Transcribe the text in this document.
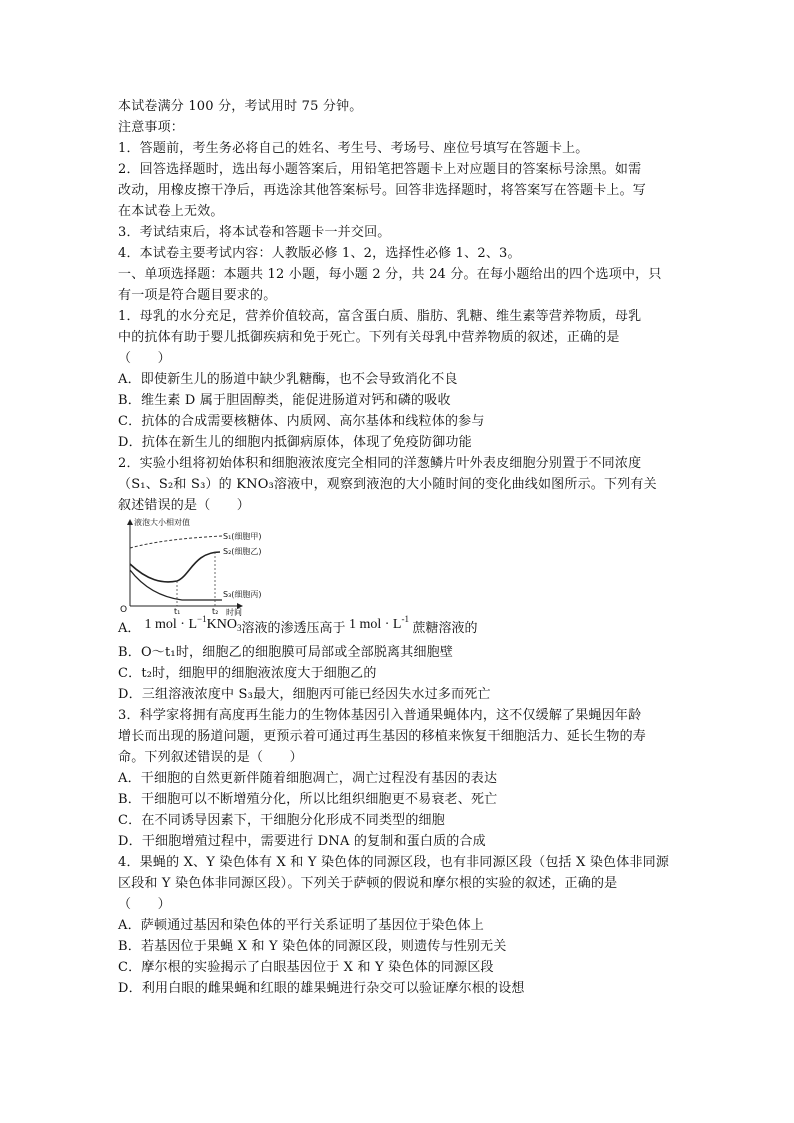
本试卷满分 100 分，考试用时 75 分钟。
注意事项：
1．答题前，考生务必将自己的姓名、考生号、考场号、座位号填写在答题卡上。
2．回答选择题时，选出每小题答案后，用铅笔把答题卡上对应题目的答案标号涂黑。如需
改动，用橡皮擦干净后，再选涂其他答案标号。回答非选择题时，将答案写在答题卡上。写
在本试卷上无效。
3．考试结束后，将本试卷和答题卡一并交回。
4．本试卷主要考试内容：人教版必修 1、2，选择性必修 1、2、3。
一、单项选择题：本题共 12 小题，每小题 2 分，共 24 分。在每小题给出的四个选项中，只
有一项是符合题目要求的。
1．母乳的水分充足，营养价值较高，富含蛋白质、脂肪、乳糖、维生素等营养物质，母乳
中的抗体有助于婴儿抵御疾病和免于死亡。下列有关母乳中营养物质的叙述，正确的是
（　　）
A．即使新生儿的肠道中缺少乳糖酶，也不会导致消化不良
B．维生素 D 属于胆固醇类，能促进肠道对钙和磷的吸收
C．抗体的合成需要核糖体、内质网、高尔基体和线粒体的参与
D．抗体在新生儿的细胞内抵御病原体，体现了免疫防御功能
2．实验小组将初始体积和细胞液浓度完全相同的洋葱鳞片叶外表皮细胞分别置于不同浓度
（S₁、S₂和 S₃）的 KNO₃溶液中，观察到液泡的大小随时间的变化曲线如图所示。下列有关
叙述错误的是（　　）
液泡大小相对值
S₁(细胞甲)
S₂(细胞乙)
S₃(细胞丙)
O	t₁	t₂ 时间
A． 1 mol · $L^{-1}KNO_3$溶液的渗透压高于 1 mol · $L^{-1}$ 蔗糖溶液的
B．O～t₁时，细胞乙的细胞膜可局部或全部脱离其细胞壁
C．t₂时，细胞甲的细胞液浓度大于细胞乙的
D．三组溶液浓度中 S₃最大，细胞丙可能已经因失水过多而死亡
3．科学家将拥有高度再生能力的生物体基因引入普通果蝇体内，这不仅缓解了果蝇因年龄
增长而出现的肠道问题，更预示着可通过再生基因的移植来恢复干细胞活力、延长生物的寿
命。下列叙述错误的是（　　）
A．干细胞的自然更新伴随着细胞凋亡，凋亡过程没有基因的表达
B．干细胞可以不断增殖分化，所以比组织细胞更不易衰老、死亡
C．在不同诱导因素下，干细胞分化形成不同类型的细胞
D．干细胞增殖过程中，需要进行 DNA 的复制和蛋白质的合成
4．果蝇的 X、Y 染色体有 X 和 Y 染色体的同源区段，也有非同源区段（包括 X 染色体非同源
区段和 Y 染色体非同源区段）。下列关于萨顿的假说和摩尔根的实验的叙述，正确的是
（　　）
A．萨顿通过基因和染色体的平行关系证明了基因位于染色体上
B．若基因位于果蝇 X 和 Y 染色体的同源区段，则遗传与性别无关
C．摩尔根的实验揭示了白眼基因位于 X 和 Y 染色体的同源区段
D．利用白眼的雌果蝇和红眼的雄果蝇进行杂交可以验证摩尔根的设想
